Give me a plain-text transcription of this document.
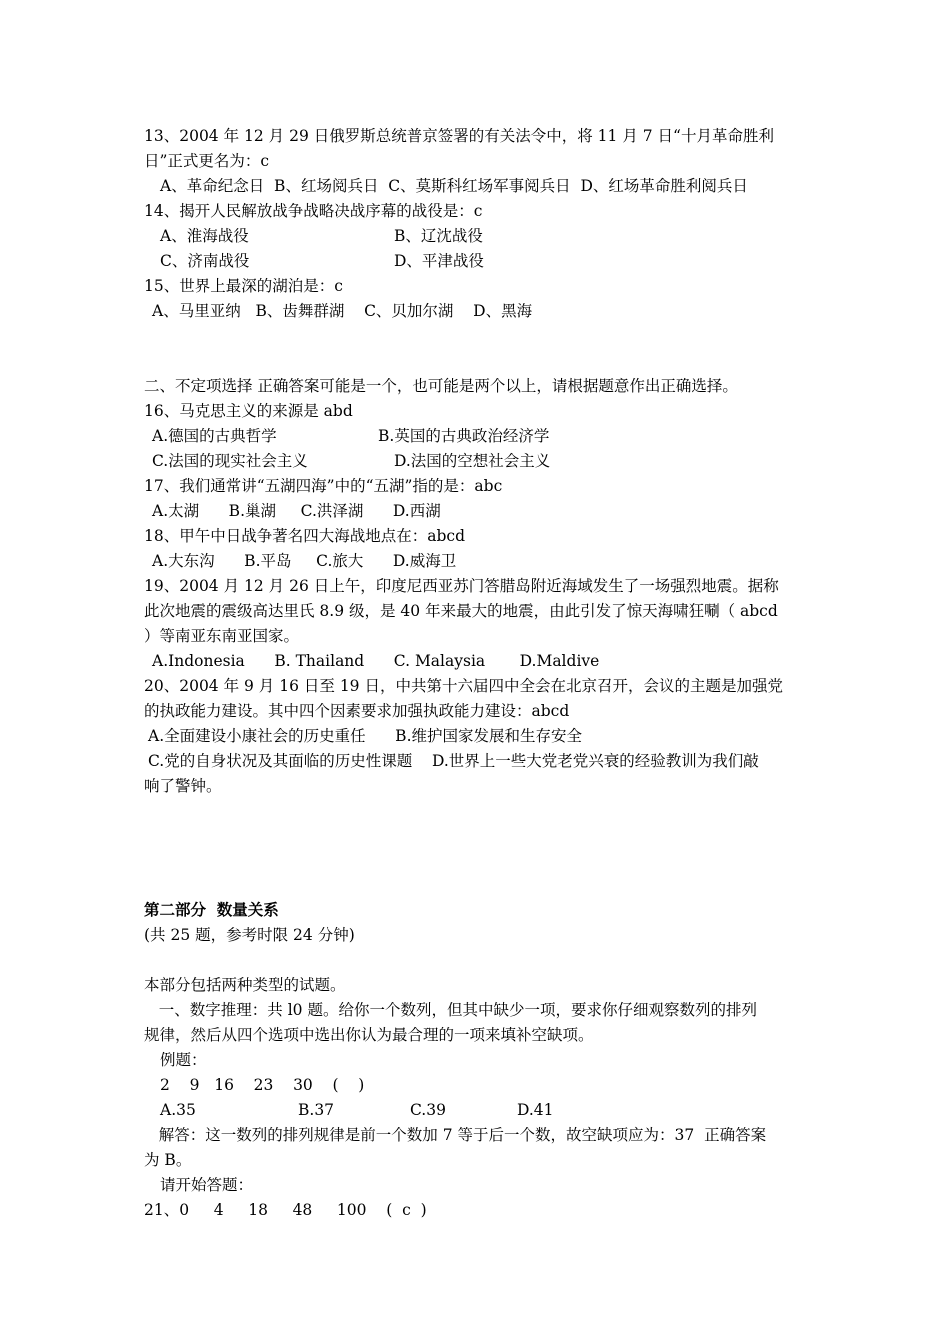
13、2004 年 12 月 29 日俄罗斯总统普京签署的有关法令中，将 11 月 7 日“十月革命胜利
日”正式更名为：c
A、革命纪念日  B、红场阅兵日  C、莫斯科红场军事阅兵日  D、红场革命胜利阅兵日
14、揭开人民解放战争战略决战序幕的战役是：c
A、淮海战役	B、辽沈战役
C、济南战役	D、平津战役
15、世界上最深的湖泊是：c
A、马里亚纳   B、齿舞群湖    C、贝加尔湖    D、黑海
二、不定项选择 正确答案可能是一个，也可能是两个以上，请根据题意作出正确选择。
16、马克思主义的来源是 abd
A.德国的古典哲学	B.英国的古典政治经济学
C.法国的现实社会主义	D.法国的空想社会主义
17、我们通常讲“五湖四海”中的“五湖”指的是：abc
A.太湖      B.巢湖     C.洪泽湖      D.西湖
18、甲午中日战争著名四大海战地点在：abcd
A.大东沟      B.平岛     C.旅大      D.威海卫
19、2004 月 12 月 26 日上午，印度尼西亚苏门答腊岛附近海域发生了一场强烈地震。据称
此次地震的震级高达里氏 8.9 级，是 40 年来最大的地震，由此引发了惊天海啸狂唰（ abcd
）等南亚东南亚国家。
A.Indonesia      B. Thailand      C. Malaysia       D.Maldive
20、2004 年 9 月 16 日至 19 日，中共第十六届四中全会在北京召开，会议的主题是加强党
的执政能力建设。其中四个因素要求加强执政能力建设：abcd
A.全面建设小康社会的历史重任      B.维护国家发展和生存安全
C.党的自身状况及其面临的历史性课题    D.世界上一些大党老党兴衰的经验教训为我们敲
响了警钟。
第二部分  数量关系
(共 25 题，参考时限 24 分钟)
本部分包括两种类型的试题。
一、数字推理：共 l0 题。给你一个数列，但其中缺少一项，要求你仔细观察数列的排列
规律，然后从四个选项中选出你认为最合理的一项来填补空缺项。
例题：
2    9   16    23    30    (    )
A.35	B.37	C.39	D.41
解答：这一数列的排列规律是前一个数加 7 等于后一个数，故空缺项应为：37  正确答案
为 B。
请开始答题：
21、0     4     18     48     100    (  c  )
